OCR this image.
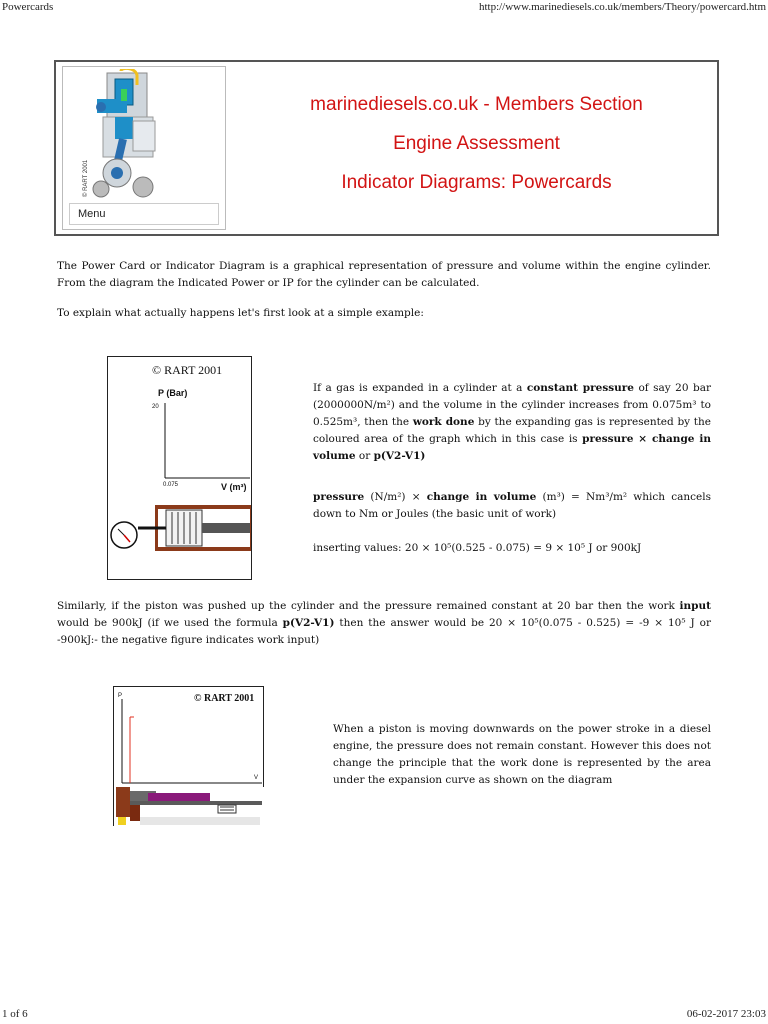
Powercards	http://www.marinediesels.co.uk/members/Theory/powercard.htm
© RART 2001
Menu
marinediesels.co.uk - Members Section
Engine Assessment
Indicator Diagrams: Powercards

The Power Card or Indicator Diagram is a graphical representation of pressure and volume within the engine cylinder. From the diagram the Indicated Power or IP for the cylinder can be calculated.

To explain what actually happens let's first look at a simple example:

© RART 2001
P (Bar)
20
0.075	V (m³)
If a gas is expanded in a cylinder at a constant pressure of say 20 bar (2000000N/m²) and the volume in the cylinder increases from 0.075m³ to 0.525m³, then the work done by the expanding gas is represented by the coloured area of the graph which in this case is pressure × change in volume or p(V2-V1)
pressure (N/m²) × change in volume (m³) = Nm³/m² which cancels down to Nm or Joules (the basic unit of work)

inserting values: 20 × 10⁵(0.525 - 0.075) = 9 × 10⁵ J or 900kJ

Similarly, if the piston was pushed up the cylinder and the pressure remained constant at 20 bar then the work input would be 900kJ (if we used the formula p(V2-V1) then the answer would be 20 × 10⁵(0.075 - 0.525) = -9 × 10⁵ J or -900kJ:- the negative figure indicates work input)
© RART 2001
P
V

When a piston is moving downwards on the power stroke in a diesel engine, the pressure does not remain constant. However this does not change the principle that the work done is represented by the area under the expansion curve as shown on the diagram

1 of 6	06-02-2017 23:03
